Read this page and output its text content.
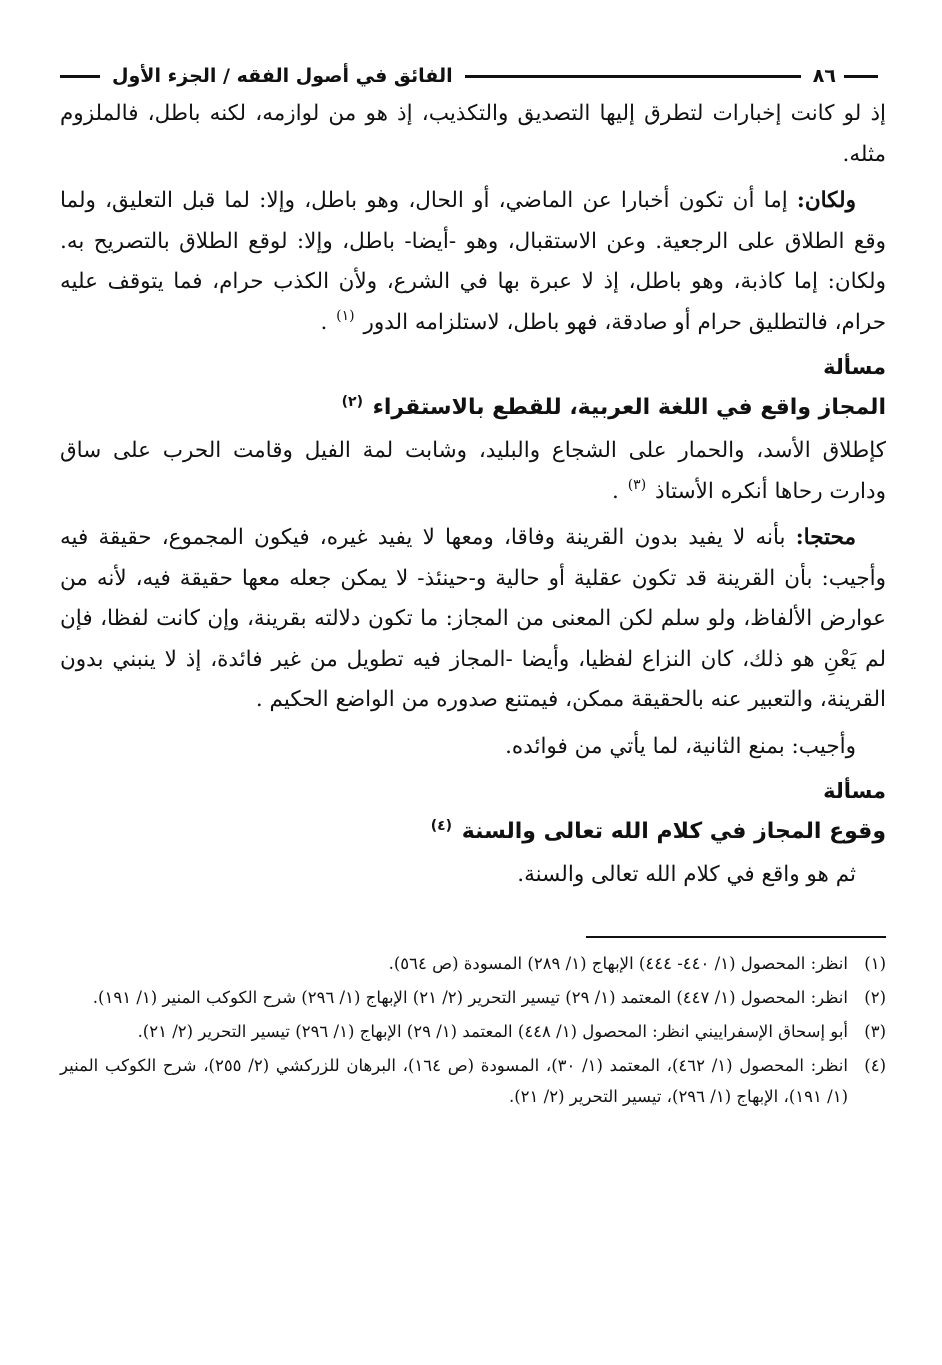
٨٦
الفائق في أصول الفقه / الجزء الأول

إذ لو كانت إخبارات لتطرق إليها التصديق والتكذيب، إذ هو من لوازمه، لكنه باطل، فالملزوم مثله.

ولكان: إما أن تكون أخبارا عن الماضي، أو الحال، وهو باطل، وإلا: لما قبل التعليق، ولما وقع الطلاق على الرجعية. وعن الاستقبال، وهو -أيضا- باطل، وإلا: لوقع الطلاق بالتصريح به. ولكان: إما كاذبة، وهو باطل، إذ لا عبرة بها في الشرع، ولأن الكذب حرام، فما يتوقف عليه حرام، فالتطليق حرام أو صادقة، فهو باطل، لاستلزامه الدور $^{(١)}$ .

مسألة
المجاز واقع في اللغة العربية، للقطع بالاستقراء $^{(٢)}$

كإطلاق الأسد، والحمار على الشجاع والبليد، وشابت لمة الفيل وقامت الحرب على ساق ودارت رحاها أنكره الأستاذ $^{(٣)}$ .

محتجا: بأنه لا يفيد بدون القرينة وفاقا، ومعها لا يفيد غيره، فيكون المجموع، حقيقة فيه وأجيب: بأن القرينة قد تكون عقلية أو حالية و-حينئذ- لا يمكن جعله معها حقيقة فيه، لأنه من عوارض الألفاظ، ولو سلم لكن المعنى من المجاز: ما تكون دلالته بقرينة، وإن كانت لفظا، فإن لم يَعْنِ هو ذلك، كان النزاع لفظيا، وأيضا -المجاز فيه تطويل من غير فائدة، إذ لا ينبني بدون القرينة، والتعبير عنه بالحقيقة ممكن، فيمتنع صدوره من الواضع الحكيم .

وأجيب: بمنع الثانية، لما يأتي من فوائده.

مسألة
وقوع المجاز في كلام الله تعالى والسنة $^{(٤)}$

ثم هو واقع في كلام الله تعالى والسنة.

(١)
انظر: المحصول (١/ ٤٤٠- ٤٤٤) الإبهاج (١/ ٢٨٩) المسودة (ص ٥٦٤).
(٢)
انظر: المحصول (١/ ٤٤٧) المعتمد (١/ ٢٩) تيسير التحرير (٢/ ٢١) الإبهاج (١/ ٢٩٦) شرح الكوكب المنير (١/ ١٩١).
(٣)
أبو إسحاق الإسفراييني انظر: المحصول (١/ ٤٤٨) المعتمد (١/ ٢٩) الإبهاج (١/ ٢٩٦) تيسير التحرير (٢/ ٢١).
(٤)
انظر: المحصول (١/ ٤٦٢)، المعتمد (١/ ٣٠)، المسودة (ص ١٦٤)، البرهان للزركشي (٢/ ٢٥٥)، شرح الكوكب المنير (١/ ١٩١)، الإبهاج (١/ ٢٩٦)، تيسير التحرير (٢/ ٢١).
